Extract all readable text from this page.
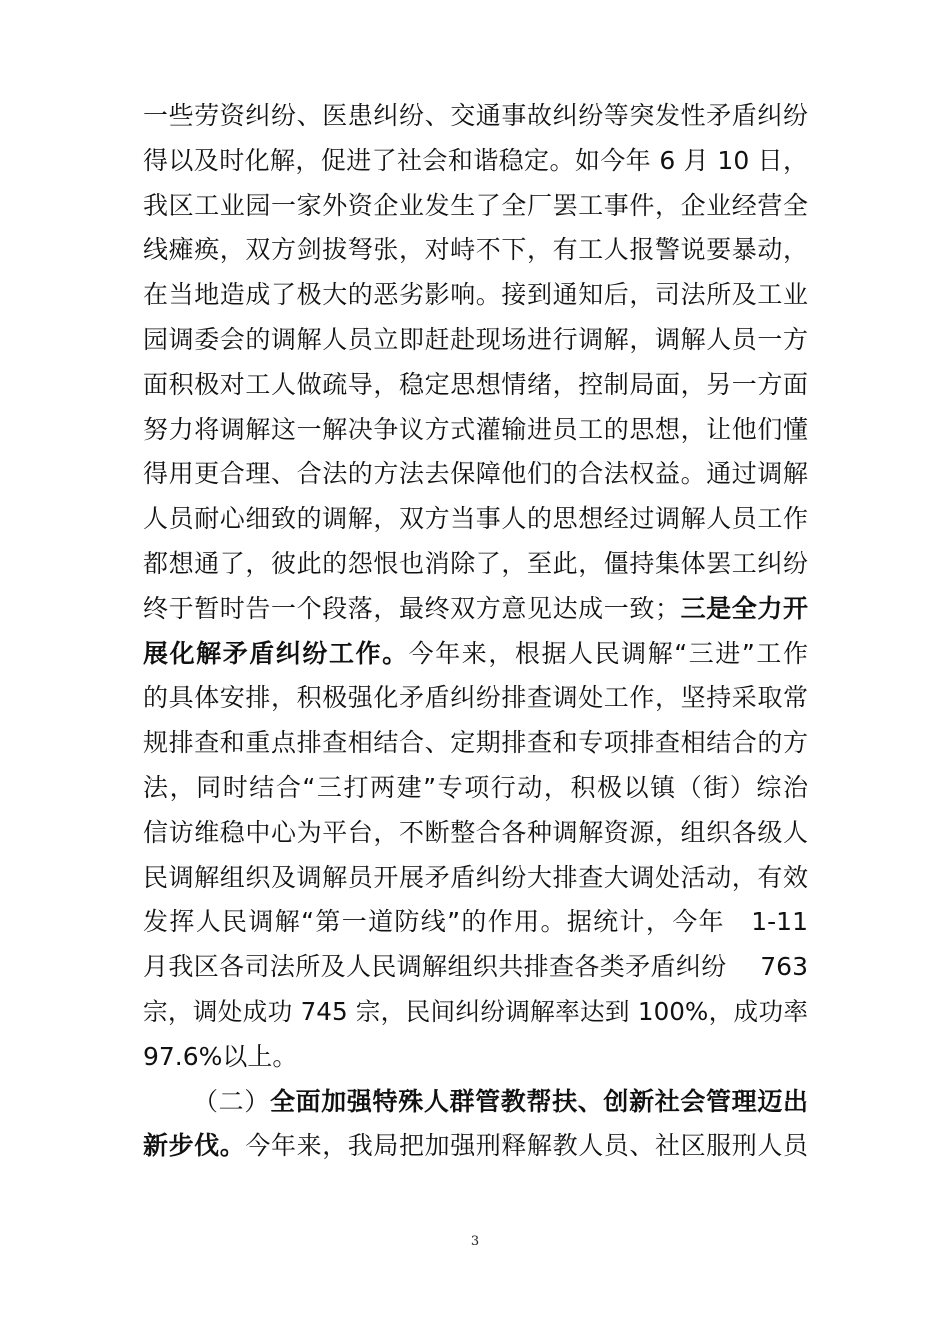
一些劳资纠纷、医患纠纷、交通事故纠纷等突发性矛盾纠纷
得以及时化解，促进了社会和谐稳定。如今年 6 月 10 日，
我区工业园一家外资企业发生了全厂罢工事件，企业经营全
线瘫痪，双方剑拔弩张，对峙不下，有工人报警说要暴动，
在当地造成了极大的恶劣影响。接到通知后，司法所及工业
园调委会的调解人员立即赶赴现场进行调解，调解人员一方
面积极对工人做疏导，稳定思想情绪，控制局面，另一方面
努力将调解这一解决争议方式灌输进员工的思想，让他们懂
得用更合理、合法的方法去保障他们的合法权益。通过调解
人员耐心细致的调解，双方当事人的思想经过调解人员工作
都想通了，彼此的怨恨也消除了，至此，僵持集体罢工纠纷
终于暂时告一个段落，最终双方意见达成一致；三是全力开
展化解矛盾纠纷工作。今年来，根据人民调解“三进”工作
的具体安排，积极强化矛盾纠纷排查调处工作，坚持采取常
规排查和重点排查相结合、定期排查和专项排查相结合的方
法，同时结合“三打两建”专项行动，积极以镇（街）综治
信访维稳中心为平台，不断整合各种调解资源，组织各级人
民调解组织及调解员开展矛盾纠纷大排查大调处活动，有效
发挥人民调解“第一道防线”的作用。据统计，今年　1-11
月我区各司法所及人民调解组织共排查各类矛盾纠纷　 763
宗，调处成功 745 宗，民间纠纷调解率达到 100%，成功率
97.6%以上。
（二）全面加强特殊人群管教帮扶、创新社会管理迈出
新步伐。今年来，我局把加强刑释解教人员、社区服刑人员
3
